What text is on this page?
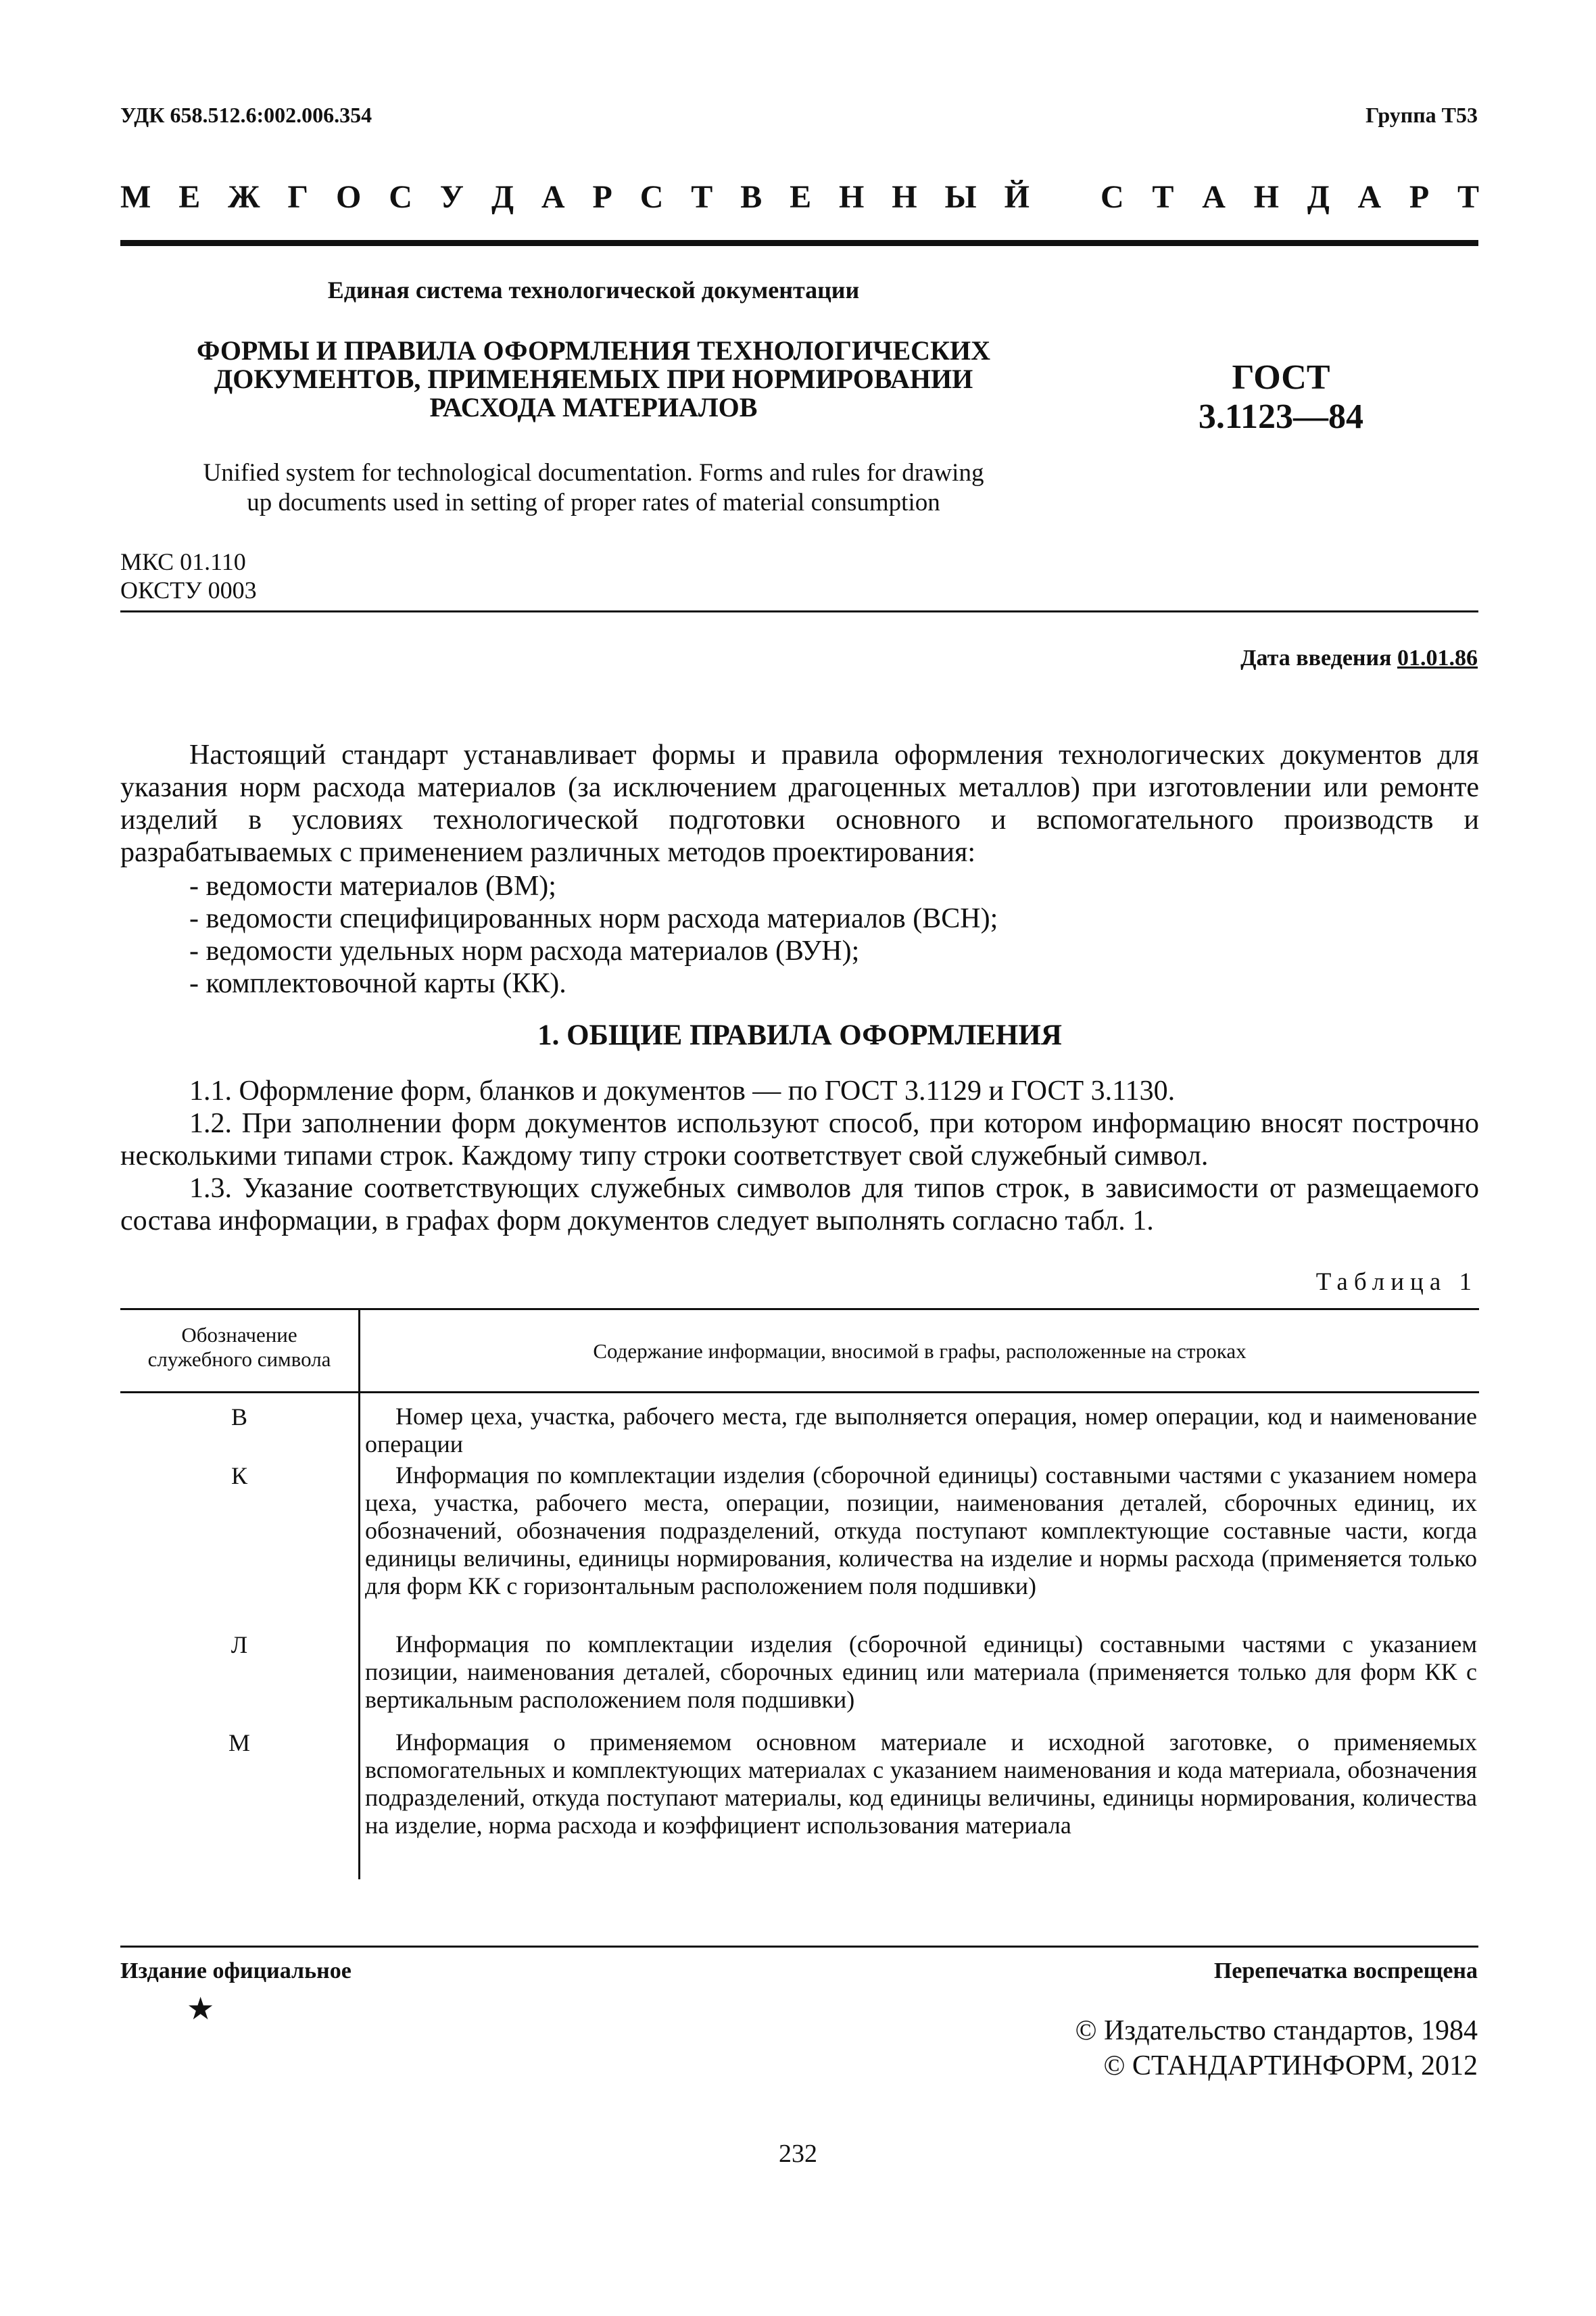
УДК 658.512.6:002.006.354	Группа Т53
М Е Ж Г О С У Д А Р С Т В Е Н Н Ы Й С Т А Н Д А Р Т
Единая система технологической документации
ФОРМЫ И ПРАВИЛА ОФОРМЛЕНИЯ ТЕХНОЛОГИЧЕСКИХ
ДОКУМЕНТОВ, ПРИМЕНЯЕМЫХ ПРИ НОРМИРОВАНИИ
РАСХОДА МАТЕРИАЛОВ
ГОСТ
3.1123—84
Unified system for technological documentation. Forms and rules for drawing
up documents used in setting of proper rates of material consumption
МКС 01.110
ОКСТУ 0003
Дата введения 01.01.86
Настоящий стандарт устанавливает формы и правила оформления технологических документов для указания норм расхода материалов (за исключением драгоценных металлов) при изготовлении или ремонте изделий в условиях технологической подготовки основного и вспомогательного производств и разрабатываемых с применением различных методов проектирования:
- ведомости материалов (ВМ);
- ведомости специфицированных норм расхода материалов (ВСН);
- ведомости удельных норм расхода материалов (ВУН);
- комплектовочной карты (КК).
1. ОБЩИЕ ПРАВИЛА ОФОРМЛЕНИЯ
1.1. Оформление форм, бланков и документов — по ГОСТ 3.1129 и ГОСТ 3.1130.
1.2. При заполнении форм документов используют способ, при котором информацию вносят построчно несколькими типами строк. Каждому типу строки соответствует свой служебный символ.
1.3. Указание соответствующих служебных символов для типов строк, в зависимости от размещаемого состава информации, в графах форм документов следует выполнять согласно табл. 1.
Таблица 1
Обозначение
служебного символа	Содержание информации, вносимой в графы, расположенные на строках
В	Номер цеха, участка, рабочего места, где выполняется операция, номер операции, код и наименование операции
К	Информация по комплектации изделия (сборочной единицы) составными частями с указанием номера цеха, участка, рабочего места, операции, позиции, наименования деталей, сборочных единиц, их обозначений, обозначения подразделений, откуда поступают комплектующие составные части, когда единицы величины, единицы нормирования, количества на изделие и нормы расхода (применяется только для форм КК с горизонтальным расположением поля подшивки)
Л	Информация по комплектации изделия (сборочной единицы) составными частями с указанием позиции, наименования деталей, сборочных единиц или материала (применяется только для форм КК с вертикальным расположением поля подшивки)
М	Информация о применяемом основном материале и исходной заготовке, о применяемых вспомогательных и комплектующих материалах с указанием наименования и кода материала, обозначения подразделений, откуда поступают материалы, код единицы величины, единицы нормирования, количества на изделие, норма расхода и коэффициент использования материала
Издание официальное	Перепечатка воспрещена
★
© Издательство стандартов, 1984
© СТАНДАРТИНФОРМ, 2012
232
